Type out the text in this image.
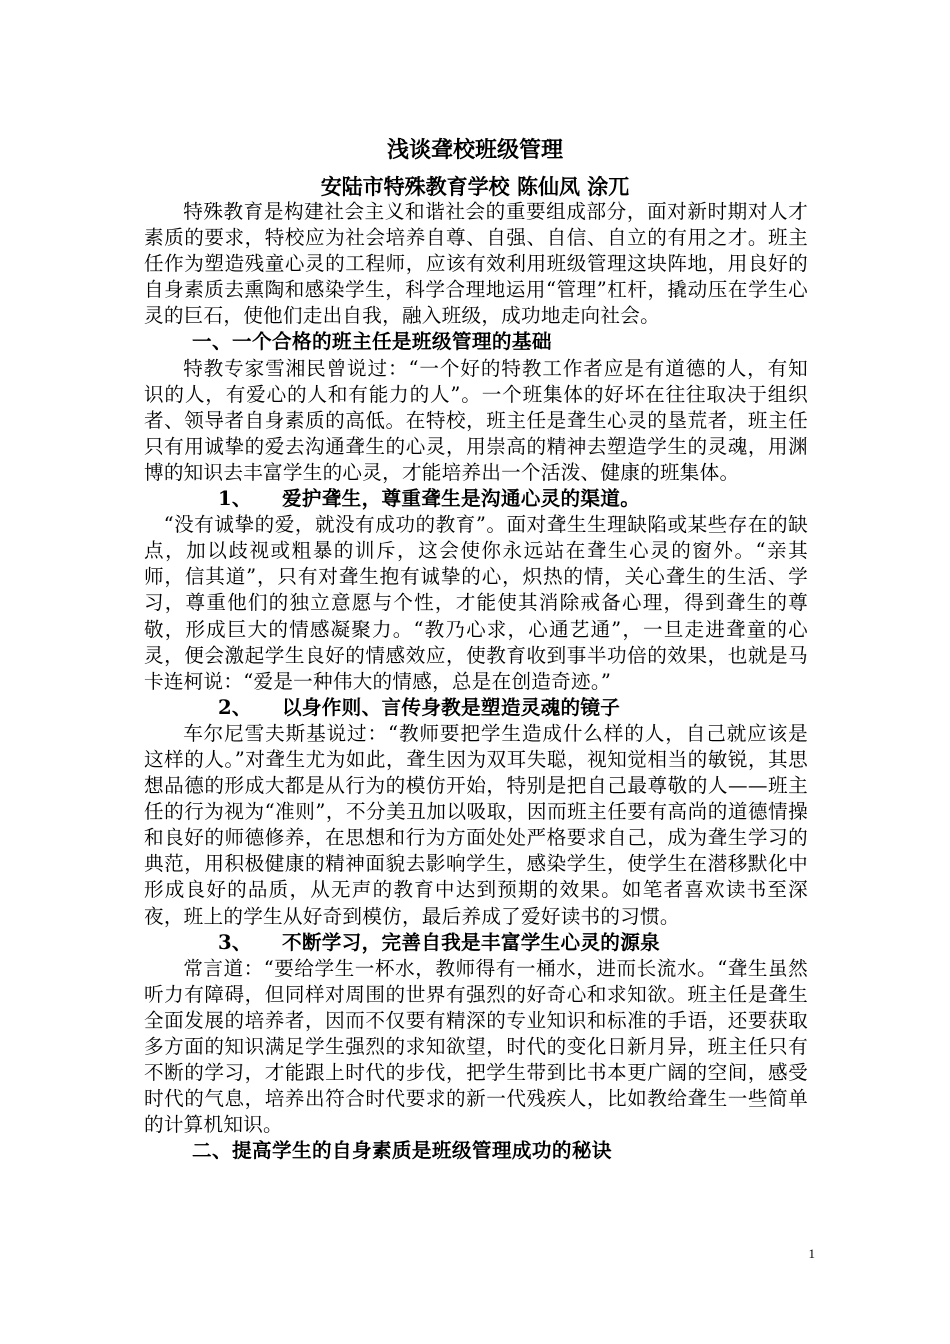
浅谈聋校班级管理
安陆市特殊教育学校 陈仙凤 涂兀

特殊教育是构建社会主义和谐社会的重要组成部分，面对新时期对人才素质的要求，特校应为社会培养自尊、自强、自信、自立的有用之才。班主任作为塑造残童心灵的工程师，应该有效利用班级管理这块阵地，用良好的自身素质去熏陶和感染学生，科学合理地运用“管理”杠杆，撬动压在学生心灵的巨石，使他们走出自我，融入班级，成功地走向社会。

一、一个合格的班主任是班级管理的基础

特教专家雪湘民曾说过：“一个好的特教工作者应是有道德的人，有知识的人，有爱心的人和有能力的人”。一个班集体的好坏在往往取决于组织者、领导者自身素质的高低。在特校，班主任是聋生心灵的垦荒者，班主任只有用诚挚的爱去沟通聋生的心灵，用崇高的精神去塑造学生的灵魂，用渊博的知识去丰富学生的心灵，才能培养出一个活泼、健康的班集体。

1、 爱护聋生，尊重聋生是沟通心灵的渠道。

“没有诚挚的爱，就没有成功的教育”。面对聋生生理缺陷或某些存在的缺点，加以歧视或粗暴的训斥，这会使你永远站在聋生心灵的窗外。“亲其师，信其道”，只有对聋生抱有诚挚的心，炽热的情，关心聋生的生活、学习，尊重他们的独立意愿与个性，才能使其消除戒备心理，得到聋生的尊敬，形成巨大的情感凝聚力。“教乃心求，心通艺通”，一旦走进聋童的心灵，便会激起学生良好的情感效应，使教育收到事半功倍的效果，也就是马卡连柯说：“爱是一种伟大的情感，总是在创造奇迹。”

2、 以身作则、言传身教是塑造灵魂的镜子

车尔尼雪夫斯基说过：“教师要把学生造成什么样的人，自己就应该是这样的人。”对聋生尤为如此，聋生因为双耳失聪，视知觉相当的敏锐，其思想品德的形成大都是从行为的模仿开始，特别是把自己最尊敬的人——班主任的行为视为“准则”，不分美丑加以吸取，因而班主任要有高尚的道德情操和良好的师德修养，在思想和行为方面处处严格要求自己，成为聋生学习的典范，用积极健康的精神面貌去影响学生，感染学生，使学生在潜移默化中形成良好的品质，从无声的教育中达到预期的效果。如笔者喜欢读书至深夜，班上的学生从好奇到模仿，最后养成了爱好读书的习惯。

3、 不断学习，完善自我是丰富学生心灵的源泉

常言道：“要给学生一杯水，教师得有一桶水，进而长流水。“聋生虽然听力有障碍，但同样对周围的世界有强烈的好奇心和求知欲。班主任是聋生全面发展的培养者，因而不仅要有精深的专业知识和标准的手语，还要获取多方面的知识满足学生强烈的求知欲望，时代的变化日新月异，班主任只有不断的学习，才能跟上时代的步伐，把学生带到比书本更广阔的空间，感受时代的气息，培养出符合时代要求的新一代残疾人，比如教给聋生一些简单的计算机知识。

二、提高学生的自身素质是班级管理成功的秘诀

1
